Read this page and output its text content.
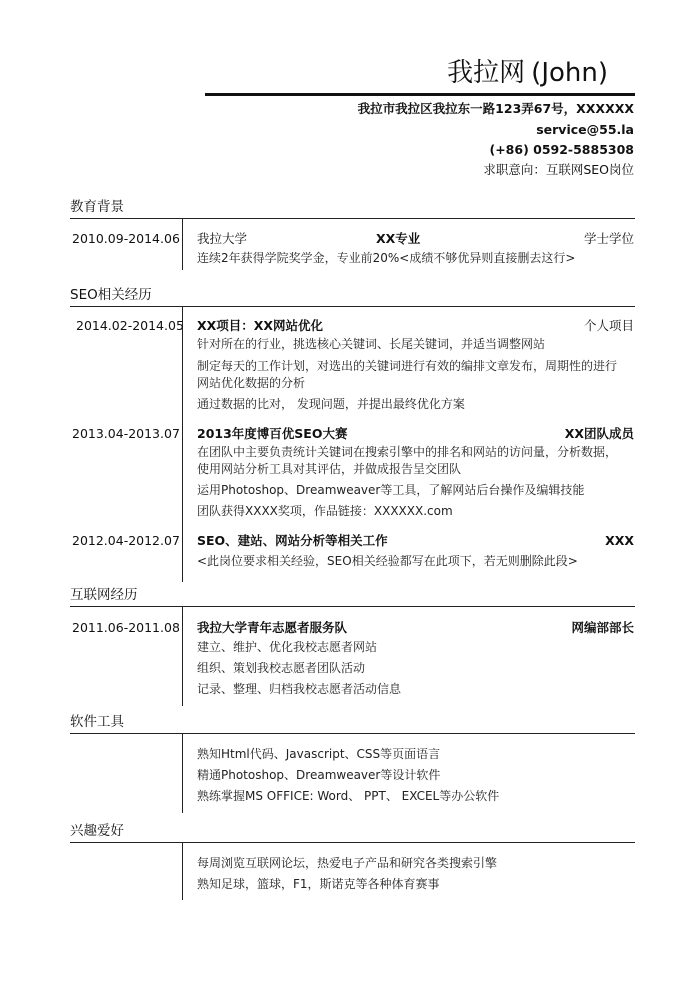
我拉网 (John)
我拉市我拉区我拉东一路123弄67号，XXXXXX
service@55.la
(+86) 0592-5885308
求职意向：互联网SEO岗位
教育背景
2010.09-2014.06 我拉大学	XX专业	学士学位
连续2年获得学院奖学金，专业前20%<成绩不够优异则直接删去这行>
SEO相关经历
2014.02-2014.05 XX项目：XX网站优化	个人项目
针对所在的行业，挑选核心关键词、长尾关键词，并适当调整网站
制定每天的工作计划，对选出的关键词进行有效的编排文章发布，周期性的进行
网站优化数据的分析
通过数据的比对， 发现问题，并提出最终优化方案
2013.04-2013.07 2013年度博百优SEO大赛	XX团队成员
在团队中主要负责统计关键词在搜索引擎中的排名和网站的访问量，分析数据，
使用网站分析工具对其评估，并做成报告呈交团队
运用Photoshop、Dreamweaver等工具，了解网站后台操作及编辑技能
团队获得XXXX奖项，作品链接：XXXXXX.com
2012.04-2012.07 SEO、建站、网站分析等相关工作	XXX
<此岗位要求相关经验，SEO相关经验都写在此项下，若无则删除此段>
互联网经历
2011.06-2011.08 我拉大学青年志愿者服务队	网编部部长
建立、维护、优化我校志愿者网站
组织、策划我校志愿者团队活动
记录、整理、归档我校志愿者活动信息
软件工具
熟知Html代码、Javascript、CSS等页面语言
精通Photoshop、Dreamweaver等设计软件
熟练掌握MS OFFICE: Word、 PPT、 EXCEL等办公软件
兴趣爱好
每周浏览互联网论坛，热爱电子产品和研究各类搜索引擎
熟知足球，篮球，F1，斯诺克等各种体育赛事
